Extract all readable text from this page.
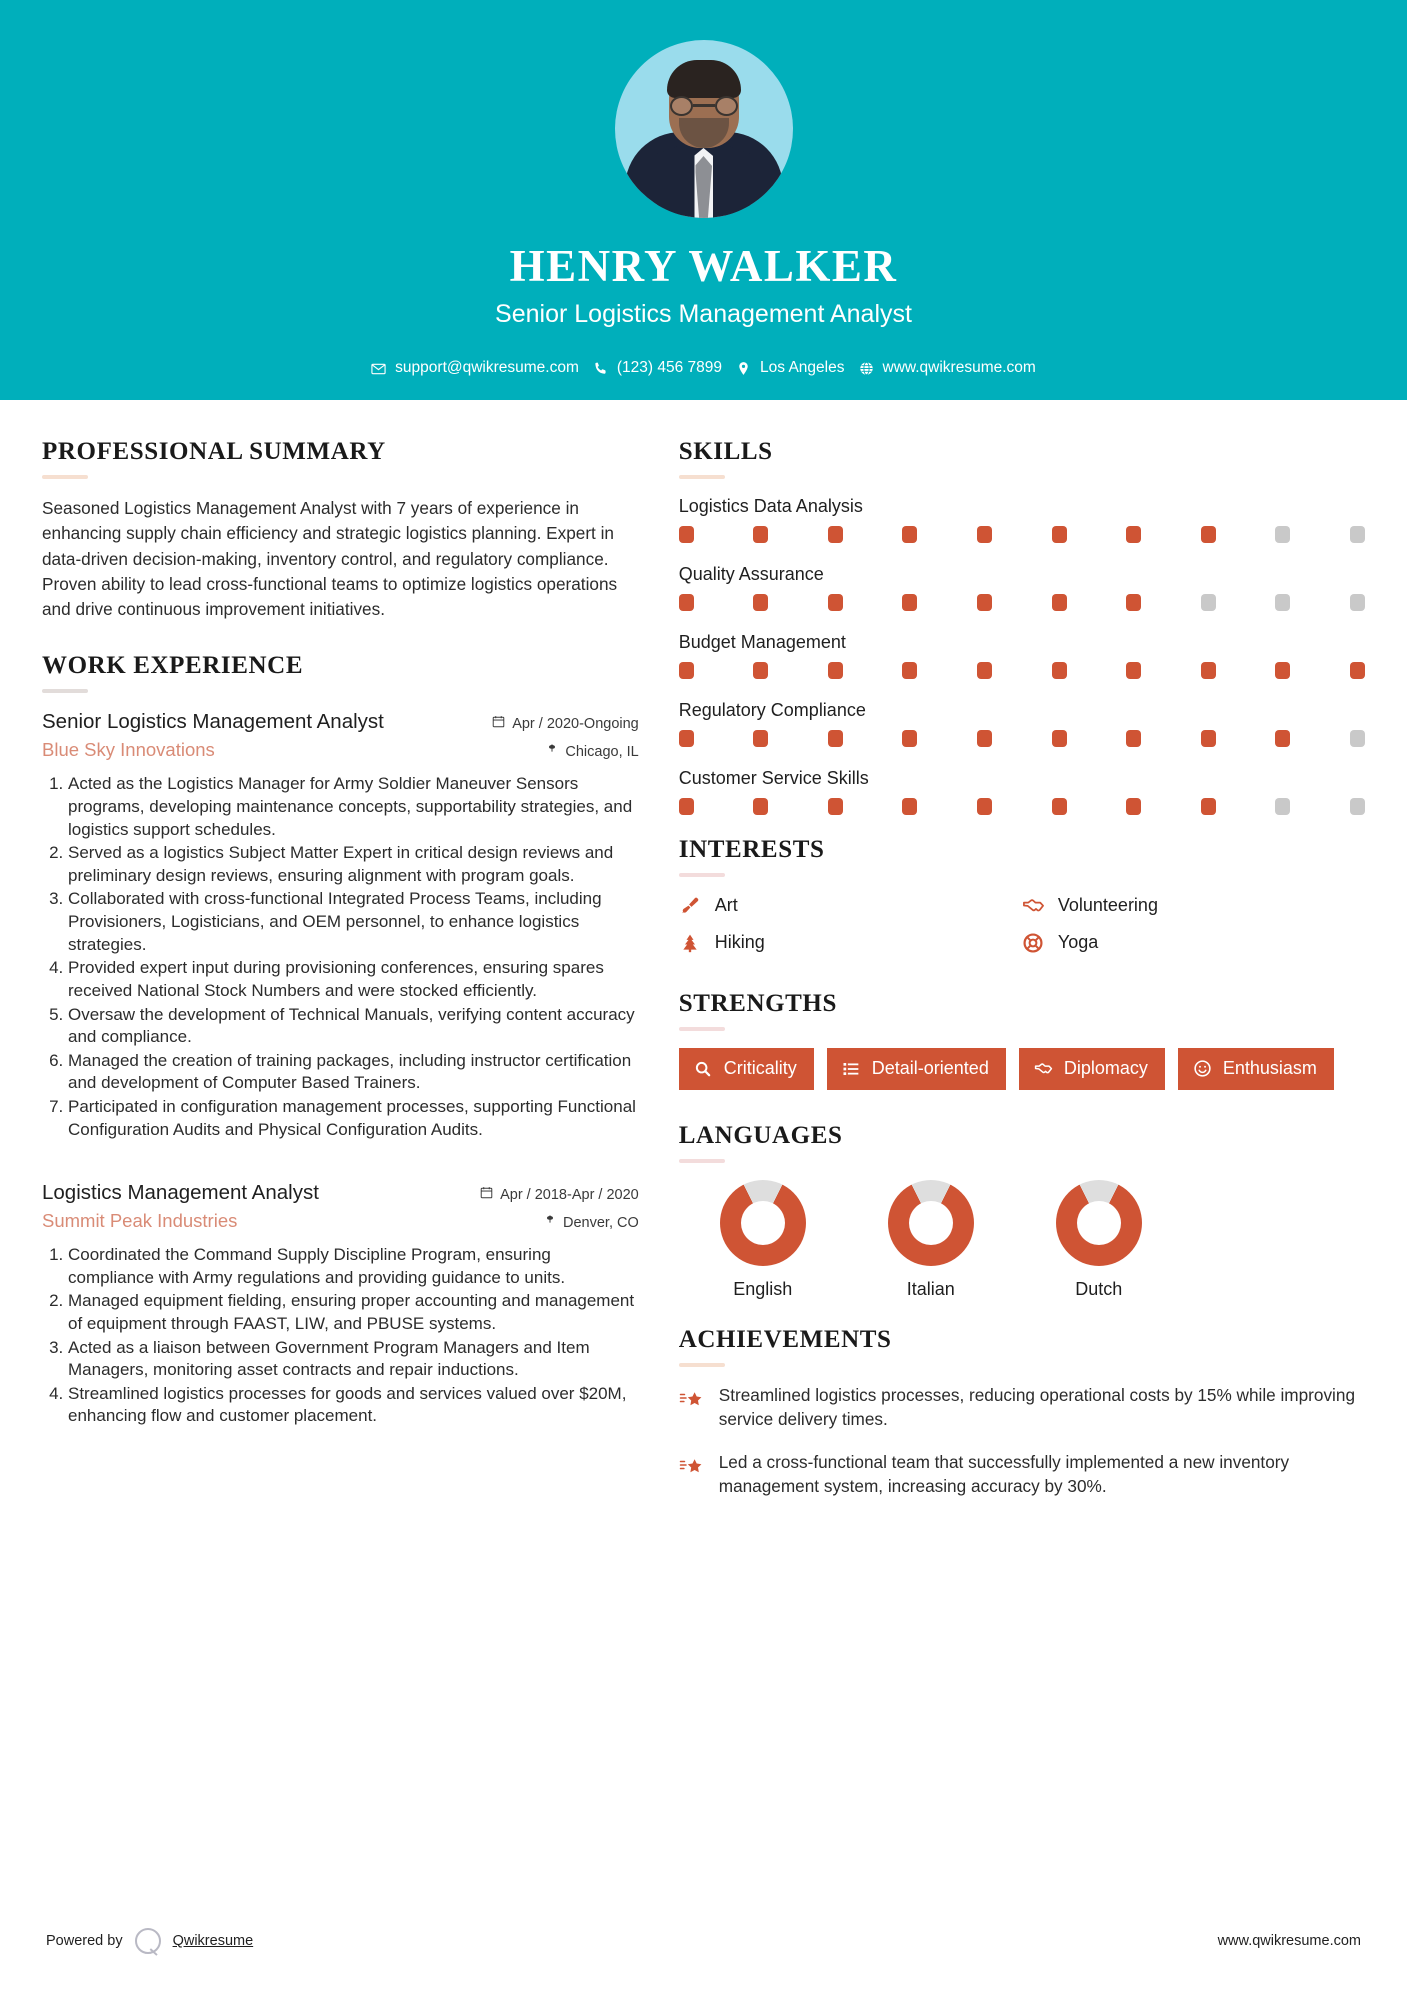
HENRY WALKER
Senior Logistics Management Analyst
support@qwikresume.com (123) 456 7899 Los Angeles www.qwikresume.com
PROFESSIONAL SUMMARY
Seasoned Logistics Management Analyst with 7 years of experience in enhancing supply chain efficiency and strategic logistics planning. Expert in data-driven decision-making, inventory control, and regulatory compliance. Proven ability to lead cross-functional teams to optimize logistics operations and drive continuous improvement initiatives.
WORK EXPERIENCE
Senior Logistics Management Analyst	Apr / 2020-Ongoing
Blue Sky Innovations	Chicago, IL
1. Acted as the Logistics Manager for Army Soldier Maneuver Sensors programs, developing maintenance concepts, supportability strategies, and logistics support schedules.
2. Served as a logistics Subject Matter Expert in critical design reviews and preliminary design reviews, ensuring alignment with program goals.
3. Collaborated with cross-functional Integrated Process Teams, including Provisioners, Logisticians, and OEM personnel, to enhance logistics strategies.
4. Provided expert input during provisioning conferences, ensuring spares received National Stock Numbers and were stocked efficiently.
5. Oversaw the development of Technical Manuals, verifying content accuracy and compliance.
6. Managed the creation of training packages, including instructor certification and development of Computer Based Trainers.
7. Participated in configuration management processes, supporting Functional Configuration Audits and Physical Configuration Audits.
Logistics Management Analyst	Apr / 2018-Apr / 2020
Summit Peak Industries	Denver, CO
1. Coordinated the Command Supply Discipline Program, ensuring compliance with Army regulations and providing guidance to units.
2. Managed equipment fielding, ensuring proper accounting and management of equipment through FAAST, LIW, and PBUSE systems.
3. Acted as a liaison between Government Program Managers and Item Managers, monitoring asset contracts and repair inductions.
4. Streamlined logistics processes for goods and services valued over $20M, enhancing flow and customer placement.
SKILLS
Logistics Data Analysis
Quality Assurance
Budget Management
Regulatory Compliance
Customer Service Skills
INTERESTS
Art	Volunteering
Hiking	Yoga
STRENGTHS
Criticality	Detail-oriented	Diplomacy	Enthusiasm
LANGUAGES
English	Italian	Dutch
ACHIEVEMENTS
Streamlined logistics processes, reducing operational costs by 15% while improving service delivery times.
Led a cross-functional team that successfully implemented a new inventory management system, increasing accuracy by 30%.
Powered by	Qwikresume	www.qwikresume.com
